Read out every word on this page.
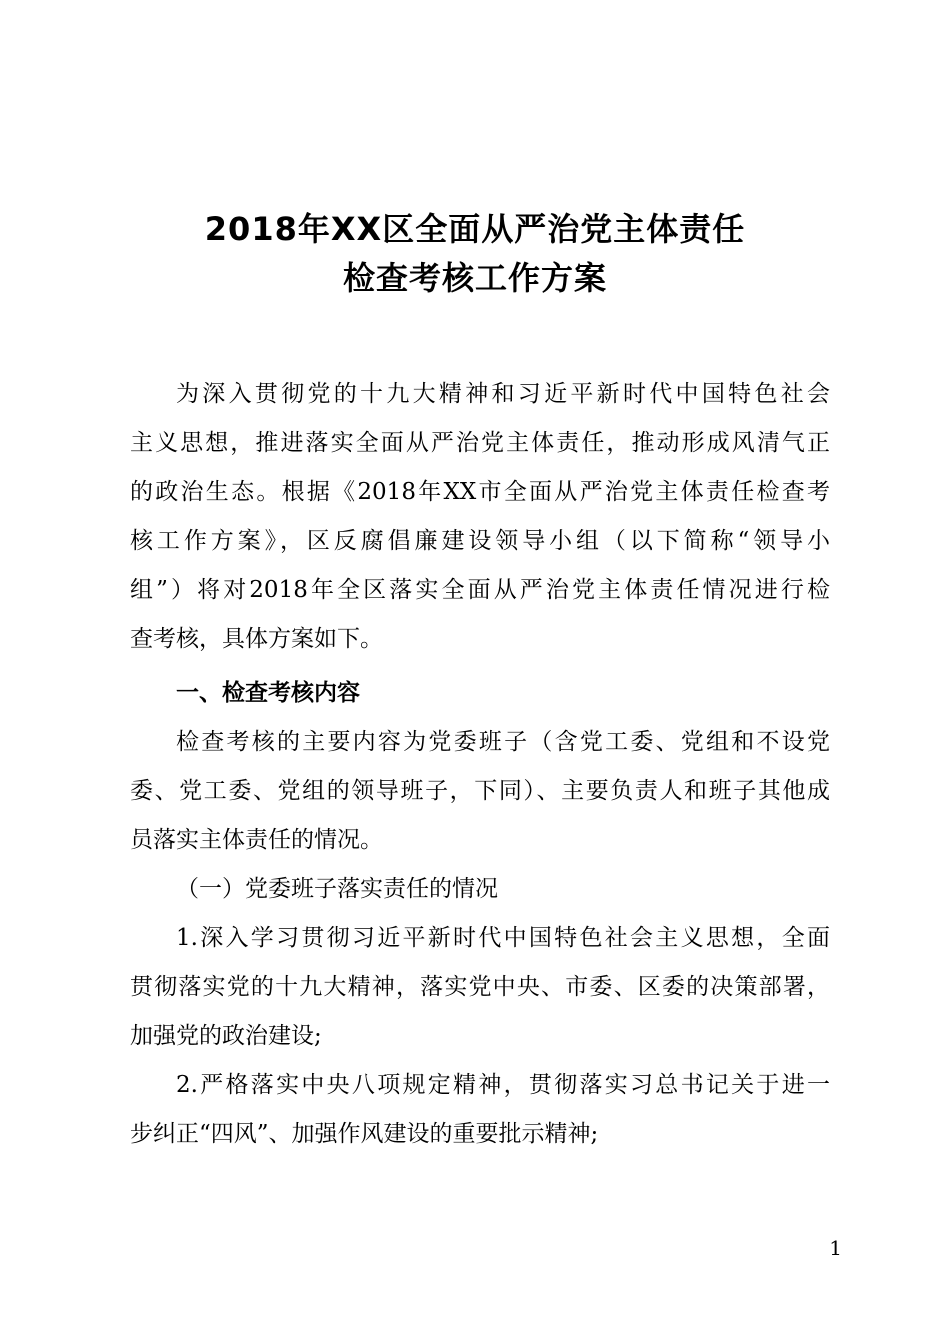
2018年XX区全面从严治党主体责任
检查考核工作方案
为深入贯彻党的十九大精神和习近平新时代中国特色社会
主义思想，推进落实全面从严治党主体责任，推动形成风清气正
的政治生态。根据《2018年XX市全面从严治党主体责任检查考
核工作方案》，区反腐倡廉建设领导小组（以下简称“领导小
组”）将对2018年全区落实全面从严治党主体责任情况进行检
查考核，具体方案如下。
一、检查考核内容
检查考核的主要内容为党委班子（含党工委、党组和不设党
委、党工委、党组的领导班子，下同）、主要负责人和班子其他成
员落实主体责任的情况。
（一）党委班子落实责任的情况
1.深入学习贯彻习近平新时代中国特色社会主义思想，全面
贯彻落实党的十九大精神，落实党中央、市委、区委的决策部署，
加强党的政治建设;
2.严格落实中央八项规定精神，贯彻落实习总书记关于进一
步纠正“四风”、加强作风建设的重要批示精神;
1
